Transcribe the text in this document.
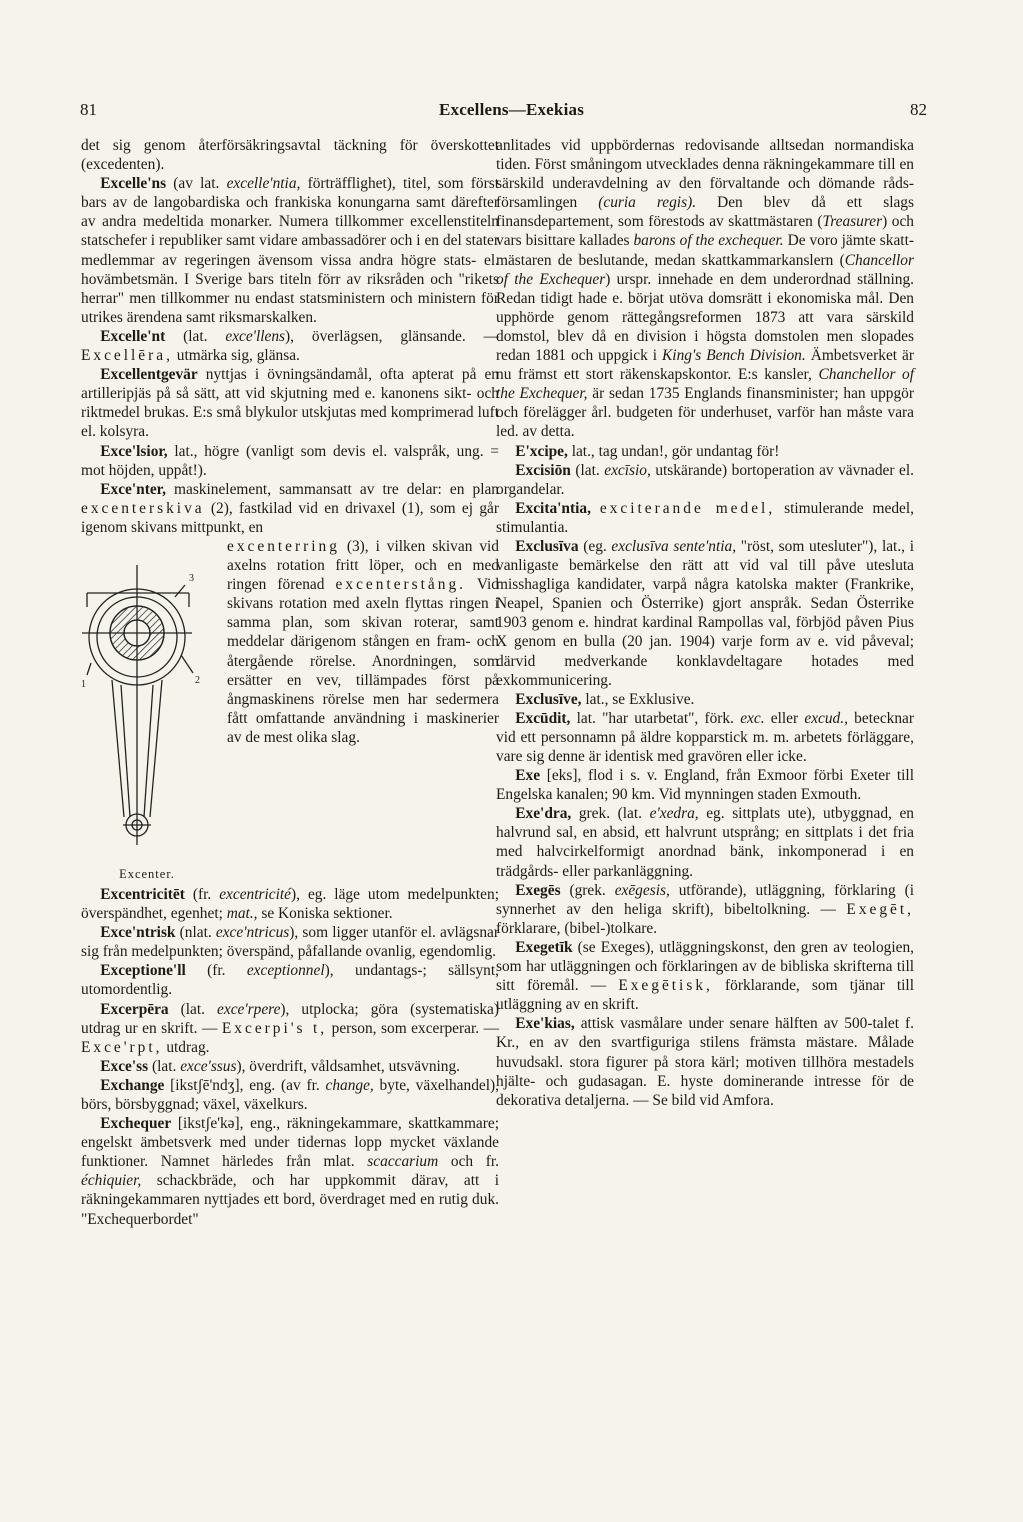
81	Excellens—Exekias	82

det sig genom återförsäkringsavtal täckning för överskottet (excedenten).

Excelle'ns (av lat. excelle'ntia, förträfflighet), titel, som först bars av de langobardiska och frankiska konungarna samt därefter av andra medeltida monarker. Numera tillkommer excellenstiteln statschefer i republiker samt vidare ambassadörer och i en del stater medlemmar av regeringen ävensom vissa andra högre stats- el. hovämbetsmän. I Sverige bars titeln förr av riksråden och "rikets herrar" men tillkommer nu endast statsministern och ministern för utrikes ärendena samt riksmarskalken.

Excelle'nt (lat. exce'llens), överlägsen, glänsande. — Excellēra, utmärka sig, glänsa.

Excellentgevär nyttjas i övningsändamål, ofta apterat på en artilleripjäs på så sätt, att vid skjutning med e. kanonens sikt- och riktmedel brukas. E:s små blykulor utskjutas med komprimerad luft el. kolsyra.

Exce'lsior, lat., högre (vanligt som devis el. valspråk, ung. = mot höjden, uppåt!).

Exce'nter, maskinelement, sammansatt av tre delar: en plan excenterskiva (2), fastkilad vid en drivaxel (1), som ej går igenom skivans mittpunkt, en

3
1	2
Excenter.

excenterring (3), i vilken skivan vid axelns rotation fritt löper, och en med ringen förenad excenterstång. Vid skivans rotation med axeln flyttas ringen i samma plan, som skivan roterar, samt meddelar därigenom stången en fram- och återgående rörelse. Anordningen, som ersätter en vev, tillämpades först på ångmaskinens rörelse men har sedermera fått omfattande användning i maskinerier av de mest olika slag.

Excentricitēt (fr. excentricité), eg. läge utom medelpunkten; överspändhet, egenhet; mat., se Koniska sektioner.

Exce'ntrisk (nlat. exce'ntricus), som ligger utanför el. avlägsnar sig från medelpunkten; överspänd, påfallande ovanlig, egendomlig.

Exceptione'll (fr. exceptionnel), undantags-; sällsynt, utomordentlig.

Excerpēra (lat. exce'rpere), utplocka; göra (systematiska) utdrag ur en skrift. — Excerpi's t, person, som excerperar. — Exce'rpt, utdrag.

Exce'ss (lat. exce'ssus), överdrift, våldsamhet, utsvävning.

Exchange [ikstʃē'ndʒ], eng. (av fr. change, byte, växelhandel), börs, börsbyggnad; växel, växelkurs.

Exchequer [ikstʃe'kə], eng., räkningekammare, skattkammare; engelskt ämbetsverk med under tidernas lopp mycket växlande funktioner. Namnet härledes från mlat. scaccarium och fr. échiquier, schackbräde, och har uppkommit därav, att i räkningekammaren nyttjades ett bord, överdraget med en rutig duk. "Exchequerbordet"

anlitades vid uppbördernas redovisande alltsedan normandiska tiden. Först småningom utvecklades denna räkningekammare till en särskild underavdelning av den förvaltande och dömande rådsförsamlingen (curia regis). Den blev då ett slags finansdepartement, som förestods av skattmästaren (Treasurer) och vars bisittare kallades barons of the exchequer. De voro jämte skattmästaren de beslutande, medan skattkammarkanslern (Chancellor of the Exchequer) urspr. innehade en dem underordnad ställning. Redan tidigt hade e. börjat utöva domsrätt i ekonomiska mål. Den upphörde genom rättegångsreformen 1873 att vara särskild domstol, blev då en division i högsta domstolen men slopades redan 1881 och uppgick i King's Bench Division. Ämbetsverket är nu främst ett stort räkenskapskontor. E:s kansler, Chanchellor of the Exchequer, är sedan 1735 Englands finansminister; han uppgör och förelägger årl. budgeten för underhuset, varför han måste vara led. av detta.

E'xcipe, lat., tag undan!, gör undantag för!

Excisiōn (lat. excīsio, utskärande) bortoperation av vävnader el. organdelar.

Excita'ntia, exciterande medel, stimulerande medel, stimulantia.

Exclusīva (eg. exclusīva sente'ntia, "röst, som utesluter"), lat., i vanligaste bemärkelse den rätt att vid val till påve utesluta misshagliga kandidater, varpå några katolska makter (Frankrike, Neapel, Spanien och Österrike) gjort anspråk. Sedan Österrike 1903 genom e. hindrat kardinal Rampollas val, förbjöd påven Pius X genom en bulla (20 jan. 1904) varje form av e. vid påveval; därvid medverkande konklavdeltagare hotades med exkommunicering.

Exclusīve, lat., se Exklusive.

Excūdit, lat. "har utarbetat", förk. exc. eller excud., betecknar vid ett personnamn på äldre kopparstick m. m. arbetets förläggare, vare sig denne är identisk med gravören eller icke.

Exe [eks], flod i s. v. England, från Exmoor förbi Exeter till Engelska kanalen; 90 km. Vid mynningen staden Exmouth.

Exe'dra, grek. (lat. e'xedra, eg. sittplats ute), utbyggnad, en halvrund sal, en absid, ett halvrunt utsprång; en sittplats i det fria med halvcirkelformigt anordnad bänk, inkomponerad i en trädgårds- eller parkanläggning.

Exegēs (grek. exēgesis, utförande), utläggning, förklaring (i synnerhet av den heliga skrift), bibeltolkning. — Exegēt, förklarare, (bibel-)tolkare.

Exegetīk (se Exeges), utläggningskonst, den gren av teologien, som har utläggningen och förklaringen av de bibliska skrifterna till sitt föremål. — Exegētisk, förklarande, som tjänar till utläggning av en skrift.

Exe'kias, attisk vasmålare under senare hälften av 500-talet f. Kr., en av den svartfiguriga stilens främsta mästare. Målade huvudsakl. stora figurer på stora kärl; motiven tillhöra mestadels hjälte- och gudasagan. E. hyste dominerande intresse för de dekorativa detaljerna. — Se bild vid Amfora.
